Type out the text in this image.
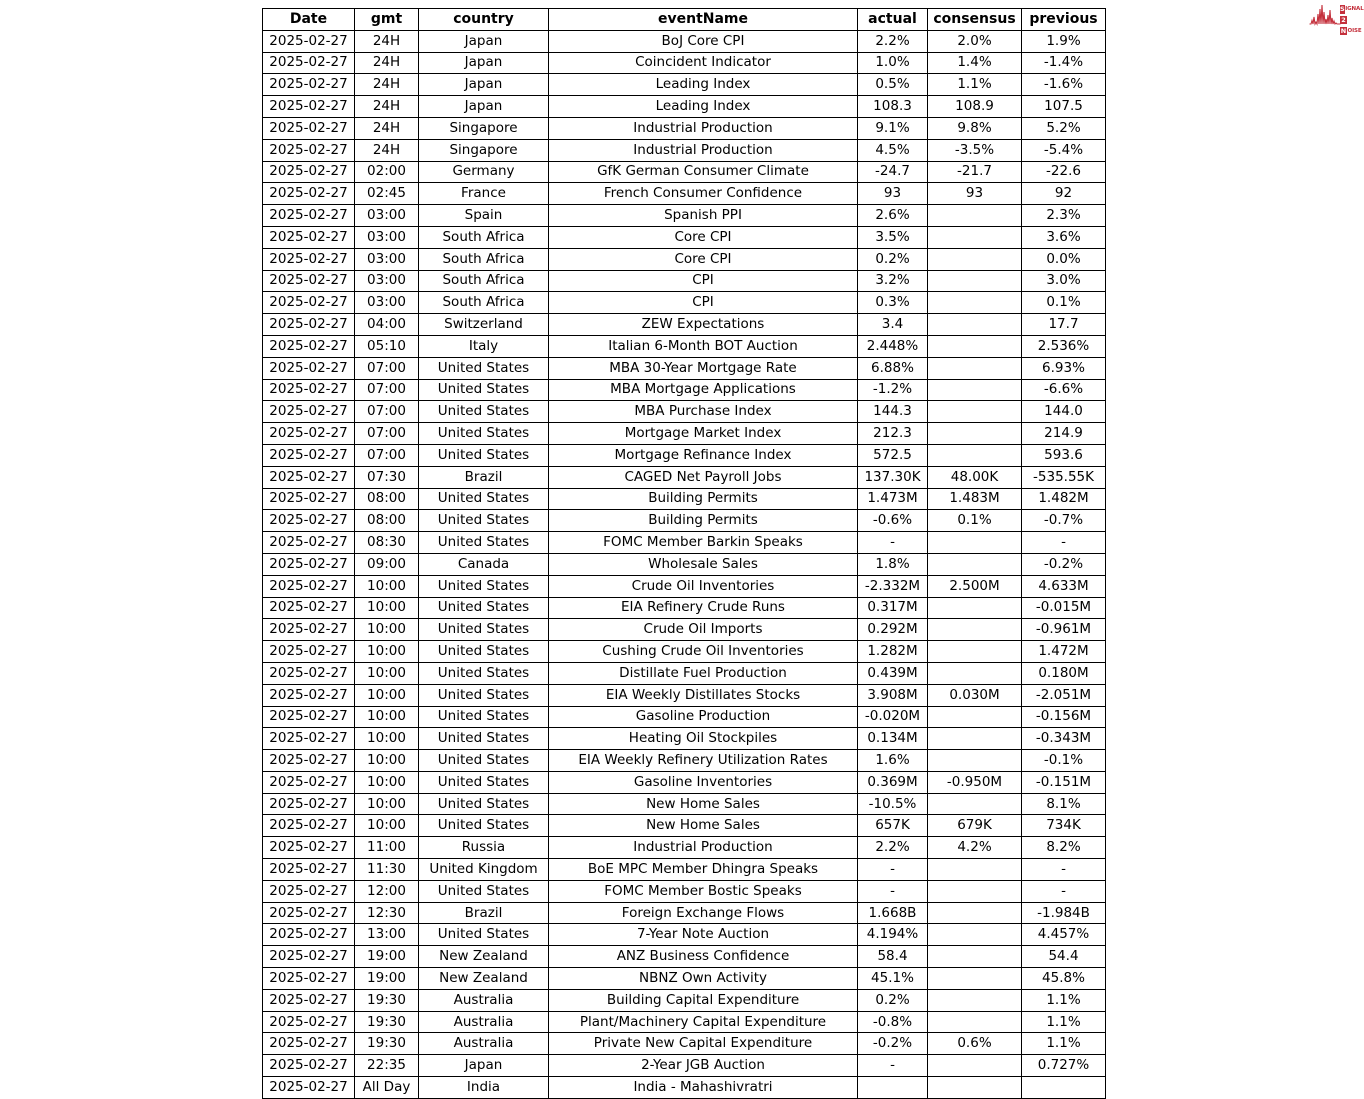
S IGNAL
2
N OISE
Date	gmt	country	eventName	actual	consensus	previous
2025-02-27	24H	Japan	BoJ Core CPI	2.2%	2.0%	1.9%
2025-02-27	24H	Japan	Coincident Indicator	1.0%	1.4%	-1.4%
2025-02-27	24H	Japan	Leading Index	0.5%	1.1%	-1.6%
2025-02-27	24H	Japan	Leading Index	108.3	108.9	107.5
2025-02-27	24H	Singapore	Industrial Production	9.1%	9.8%	5.2%
2025-02-27	24H	Singapore	Industrial Production	4.5%	-3.5%	-5.4%
2025-02-27	02:00	Germany	GfK German Consumer Climate	-24.7	-21.7	-22.6
2025-02-27	02:45	France	French Consumer Confidence	93	93	92
2025-02-27	03:00	Spain	Spanish PPI	2.6%		2.3%
2025-02-27	03:00	South Africa	Core CPI	3.5%		3.6%
2025-02-27	03:00	South Africa	Core CPI	0.2%		0.0%
2025-02-27	03:00	South Africa	CPI	3.2%		3.0%
2025-02-27	03:00	South Africa	CPI	0.3%		0.1%
2025-02-27	04:00	Switzerland	ZEW Expectations	3.4		17.7
2025-02-27	05:10	Italy	Italian 6-Month BOT Auction	2.448%		2.536%
2025-02-27	07:00	United States	MBA 30-Year Mortgage Rate	6.88%		6.93%
2025-02-27	07:00	United States	MBA Mortgage Applications	-1.2%		-6.6%
2025-02-27	07:00	United States	MBA Purchase Index	144.3		144.0
2025-02-27	07:00	United States	Mortgage Market Index	212.3		214.9
2025-02-27	07:00	United States	Mortgage Refinance Index	572.5		593.6
2025-02-27	07:30	Brazil	CAGED Net Payroll Jobs	137.30K	48.00K	-535.55K
2025-02-27	08:00	United States	Building Permits	1.473M	1.483M	1.482M
2025-02-27	08:00	United States	Building Permits	-0.6%	0.1%	-0.7%
2025-02-27	08:30	United States	FOMC Member Barkin Speaks	-		-
2025-02-27	09:00	Canada	Wholesale Sales	1.8%		-0.2%
2025-02-27	10:00	United States	Crude Oil Inventories	-2.332M	2.500M	4.633M
2025-02-27	10:00	United States	EIA Refinery Crude Runs	0.317M		-0.015M
2025-02-27	10:00	United States	Crude Oil Imports	0.292M		-0.961M
2025-02-27	10:00	United States	Cushing Crude Oil Inventories	1.282M		1.472M
2025-02-27	10:00	United States	Distillate Fuel Production	0.439M		0.180M
2025-02-27	10:00	United States	EIA Weekly Distillates Stocks	3.908M	0.030M	-2.051M
2025-02-27	10:00	United States	Gasoline Production	-0.020M		-0.156M
2025-02-27	10:00	United States	Heating Oil Stockpiles	0.134M		-0.343M
2025-02-27	10:00	United States	EIA Weekly Refinery Utilization Rates	1.6%		-0.1%
2025-02-27	10:00	United States	Gasoline Inventories	0.369M	-0.950M	-0.151M
2025-02-27	10:00	United States	New Home Sales	-10.5%		8.1%
2025-02-27	10:00	United States	New Home Sales	657K	679K	734K
2025-02-27	11:00	Russia	Industrial Production	2.2%	4.2%	8.2%
2025-02-27	11:30	United Kingdom	BoE MPC Member Dhingra Speaks	-		-
2025-02-27	12:00	United States	FOMC Member Bostic Speaks	-		-
2025-02-27	12:30	Brazil	Foreign Exchange Flows	1.668B		-1.984B
2025-02-27	13:00	United States	7-Year Note Auction	4.194%		4.457%
2025-02-27	19:00	New Zealand	ANZ Business Confidence	58.4		54.4
2025-02-27	19:00	New Zealand	NBNZ Own Activity	45.1%		45.8%
2025-02-27	19:30	Australia	Building Capital Expenditure	0.2%		1.1%
2025-02-27	19:30	Australia	Plant/Machinery Capital Expenditure	-0.8%		1.1%
2025-02-27	19:30	Australia	Private New Capital Expenditure	-0.2%	0.6%	1.1%
2025-02-27	22:35	Japan	2-Year JGB Auction	-		0.727%
2025-02-27	All Day	India	India - Mahashivratri			
